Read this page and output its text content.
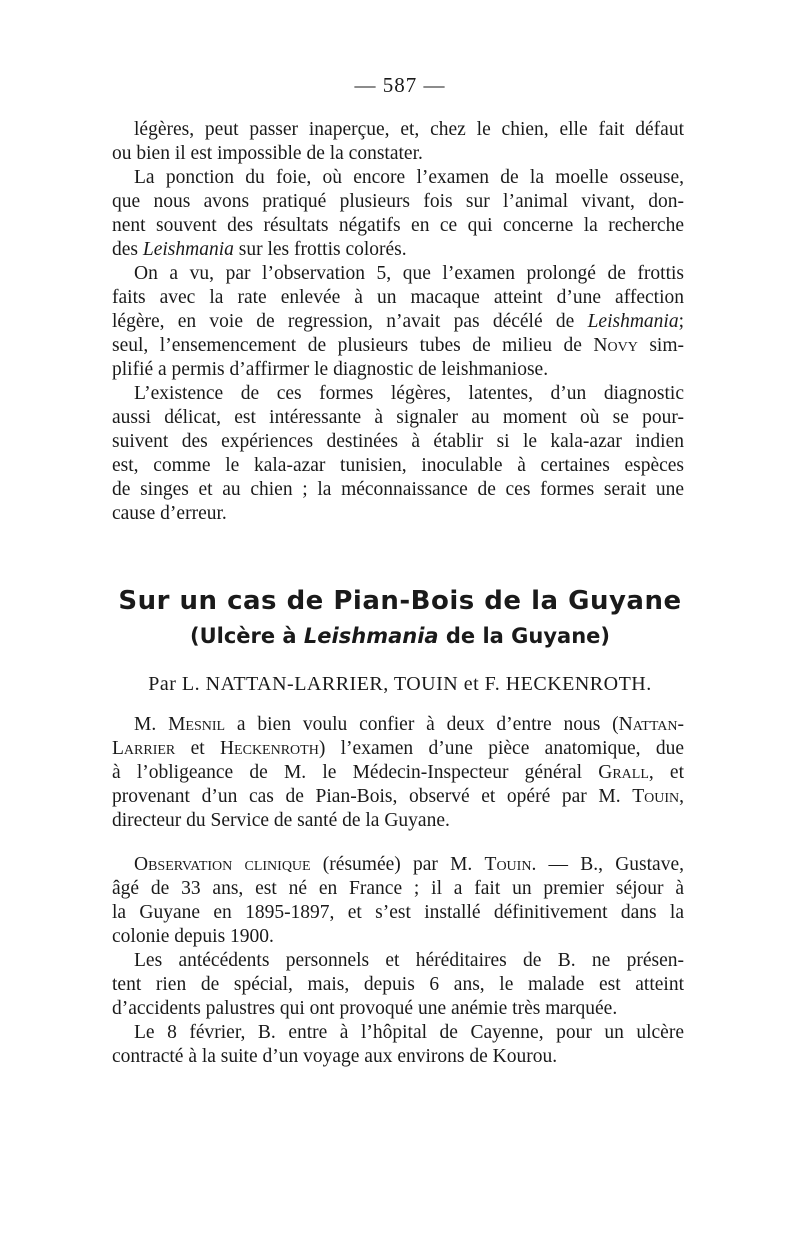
— 587 —
légères, peut passer inaperçue, et, chez le chien, elle fait défaut
ou bien il est impossible de la constater.
La ponction du foie, où encore l’examen de la moelle osseuse,
que nous avons pratiqué plusieurs fois sur l’animal vivant, don-
nent souvent des résultats négatifs en ce qui concerne la recherche
des Leishmania sur les frottis colorés.
On a vu, par l’observation 5, que l’examen prolongé de frottis
faits avec la rate enlevée à un macaque atteint d’une affection
légère, en voie de regression, n’avait pas décélé de Leishmania;
seul, l’ensemencement de plusieurs tubes de milieu de Novy sim-
plifié a permis d’affirmer le diagnostic de leishmaniose.
L’existence de ces formes légères, latentes, d’un diagnostic
aussi délicat, est intéressante à signaler au moment où se pour-
suivent des expériences destinées à établir si le kala-azar indien
est, comme le kala-azar tunisien, inoculable à certaines espèces
de singes et au chien ; la méconnaissance de ces formes serait une
cause d’erreur.
Sur un cas de Pian-Bois de la Guyane
(Ulcère à Leishmania de la Guyane)
Par L. NATTAN-LARRIER, TOUIN et F. HECKENROTH.
M. Mesnil a bien voulu confier à deux d’entre nous (Nattan-
Larrier et Heckenroth) l’examen d’une pièce anatomique, due
à l’obligeance de M. le Médecin-Inspecteur général Grall, et
provenant d’un cas de Pian-Bois, observé et opéré par M. Touin,
directeur du Service de santé de la Guyane.
Observation clinique (résumée) par M. Touin. — B., Gustave,
âgé de 33 ans, est né en France ; il a fait un premier séjour à
la Guyane en 1895-1897, et s’est installé définitivement dans la
colonie depuis 1900.
Les antécédents personnels et héréditaires de B. ne présen-
tent rien de spécial, mais, depuis 6 ans, le malade est atteint
d’accidents palustres qui ont provoqué une anémie très marquée.
Le 8 février, B. entre à l’hôpital de Cayenne, pour un ulcère
contracté à la suite d’un voyage aux environs de Kourou.
